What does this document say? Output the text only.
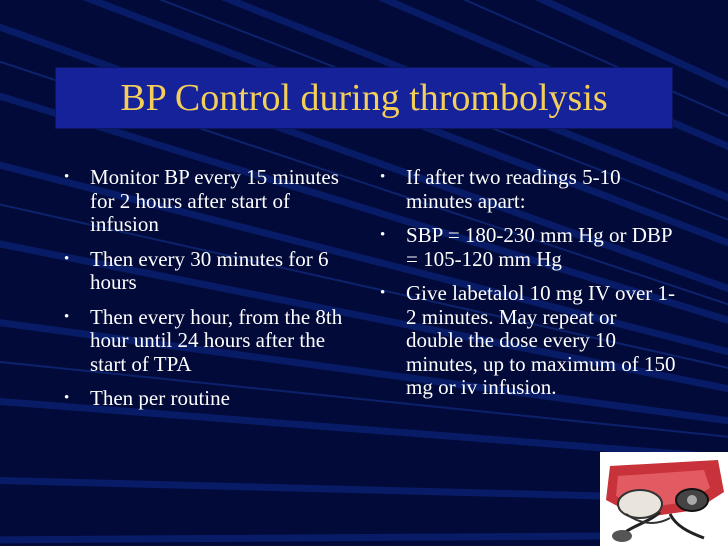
BP Control during thrombolysis
• Monitor BP every 15 minutes for 2 hours after start of infusion
• Then every 30 minutes for 6 hours
• Then every hour, from the 8th hour until 24 hours after the start of TPA
• Then per routine
• If after two readings 5-10 minutes apart:
• SBP = 180-230 mm Hg or DBP = 105-120 mm Hg
• Give labetalol 10 mg IV over 1-2 minutes. May repeat or double the dose every 10 minutes, up to maximum of 150 mg or iv infusion.
